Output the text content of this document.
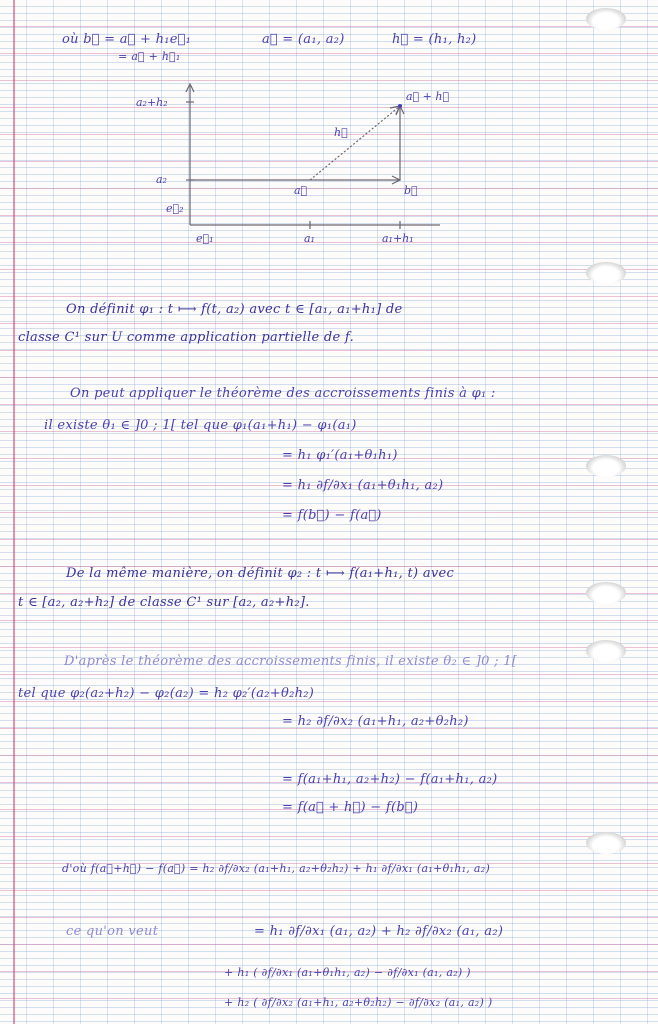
où b⃗ = a⃗ + h₁e⃗₁
= a⃗ + h⃗₁
a⃗ = (a₁, a₂)	h⃗ = (h₁, h₂)
a₂+h₂
a₂
e⃗₂
e⃗₁	a₁	a₁+h₁
a⃗	b⃗
h⃗
a⃗ + h⃗
On définit φ₁ : t ⟼ f(t, a₂) avec t ∈ [a₁, a₁+h₁] de
classe C¹ sur U comme application partielle de f.
On peut appliquer le théorème des accroissements finis à φ₁ :
il existe θ₁ ∈ ]0 ; 1[ tel que φ₁(a₁+h₁) − φ₁(a₁)
= h₁ φ₁′(a₁+θ₁h₁)
= h₁ ∂f/∂x₁ (a₁+θ₁h₁, a₂)
= f(b⃗) − f(a⃗)
De la même manière, on définit φ₂ : t ⟼ f(a₁+h₁, t) avec
t ∈ [a₂, a₂+h₂] de classe C¹ sur [a₂, a₂+h₂].
D'après le théorème des accroissements finis, il existe θ₂ ∈ ]0 ; 1[
tel que φ₂(a₂+h₂) − φ₂(a₂) = h₂ φ₂′(a₂+θ₂h₂)
= h₂ ∂f/∂x₂ (a₁+h₁, a₂+θ₂h₂)
= f(a₁+h₁, a₂+h₂) − f(a₁+h₁, a₂)
= f(a⃗ + h⃗) − f(b⃗)
d'où f(a⃗+h⃗) − f(a⃗) = h₂ ∂f/∂x₂ (a₁+h₁, a₂+θ₂h₂) + h₁ ∂f/∂x₁ (a₁+θ₁h₁, a₂)
ce qu'on veut	= h₁ ∂f/∂x₁ (a₁, a₂) + h₂ ∂f/∂x₂ (a₁, a₂)
+ h₁ ( ∂f/∂x₁ (a₁+θ₁h₁, a₂) − ∂f/∂x₁ (a₁, a₂) )
+ h₂ ( ∂f/∂x₂ (a₁+h₁, a₂+θ₂h₂) − ∂f/∂x₂ (a₁, a₂) )
